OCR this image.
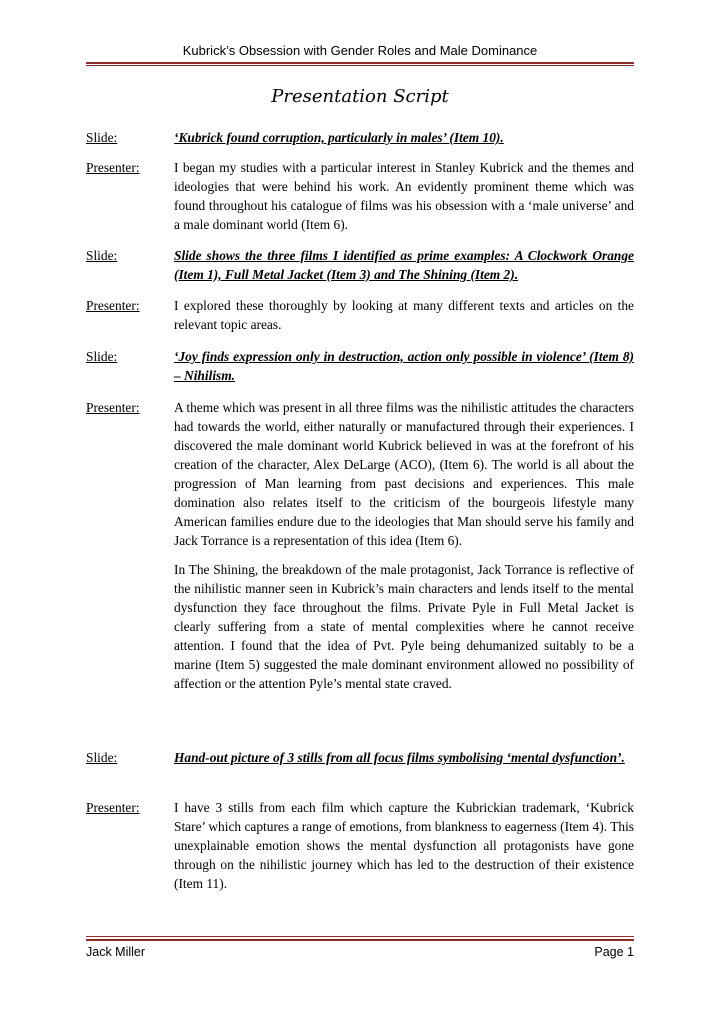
Kubrick’s Obsession with Gender Roles and Male Dominance
Presentation Script
Slide:	‘Kubrick found corruption, particularly in males’ (Item 10).

Presenter:	I began my studies with a particular interest in Stanley Kubrick and the themes and ideologies that were behind his work. An evidently prominent theme which was found throughout his catalogue of films was his obsession with a ‘male universe’ and a male dominant world (Item 6).

Slide:	Slide shows the three films I identified as prime examples: A Clockwork Orange (Item 1), Full Metal Jacket (Item 3) and The Shining (Item 2).

Presenter:	I explored these thoroughly by looking at many different texts and articles on the relevant topic areas.

Slide:	‘Joy finds expression only in destruction, action only possible in violence’ (Item 8) – Nihilism.

Presenter:	A theme which was present in all three films was the nihilistic attitudes the characters had towards the world, either naturally or manufactured through their experiences. I discovered the male dominant world Kubrick believed in was at the forefront of his creation of the character, Alex DeLarge (ACO), (Item 6). The world is all about the progression of Man learning from past decisions and experiences. This male domination also relates itself to the criticism of the bourgeois lifestyle many American families endure due to the ideologies that Man should serve his family and Jack Torrance is a representation of this idea (Item 6).

In The Shining, the breakdown of the male protagonist, Jack Torrance is reflective of the nihilistic manner seen in Kubrick’s main characters and lends itself to the mental dysfunction they face throughout the films. Private Pyle in Full Metal Jacket is clearly suffering from a state of mental complexities where he cannot receive attention. I found that the idea of Pvt. Pyle being dehumanized suitably to be a marine (Item 5) suggested the male dominant environment allowed no possibility of affection or the attention Pyle’s mental state craved.

Slide:	Hand-out picture of 3 stills from all focus films symbolising ‘mental dysfunction’.

Presenter:	I have 3 stills from each film which capture the Kubrickian trademark, ‘Kubrick Stare’ which captures a range of emotions, from blankness to eagerness (Item 4). This unexplainable emotion shows the mental dysfunction all protagonists have gone through on the nihilistic journey which has led to the destruction of their existence (Item 11).

Jack Miller	Page 1
